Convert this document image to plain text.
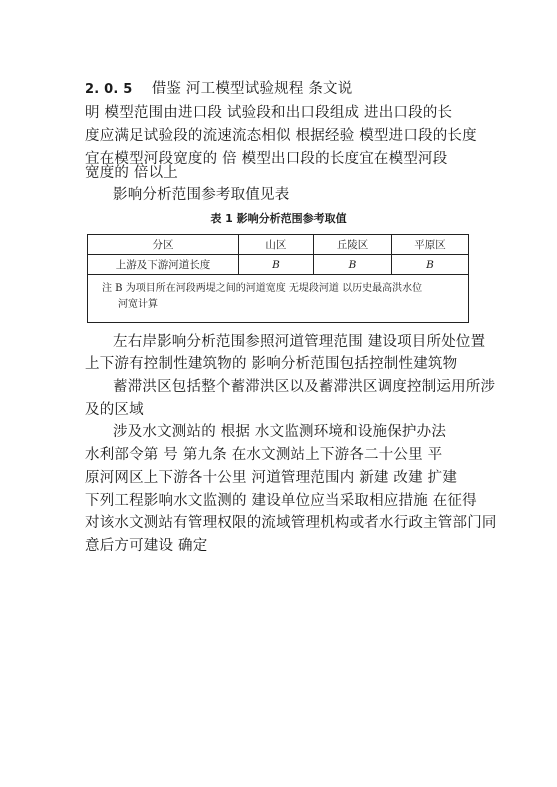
2. 0. 5 借鉴 河工模型试验规程 条文说
明 模型范围由进口段 试验段和出口段组成 进出口段的长
度应满足试验段的流速流态相似 根据经验 模型进口段的长度
宜在模型河段宽度的 倍 模型出口段的长度宜在模型河段
宽度的 倍以上
影响分析范围参考取值见表
表 1 影响分析范围参考取值
分区	山区	丘陵区	平原区
上游及下游河道长度	B	B	B

注 B 为项目所在河段两堤之间的河道宽度 无堤段河道 以历史最高洪水位
河宽计算			
左右岸影响分析范围参照河道管理范围 建设项目所处位置
上下游有控制性建筑物的 影响分析范围包括控制性建筑物
蓄滞洪区包括整个蓄滞洪区以及蓄滞洪区调度控制运用所涉
及的区域
涉及水文测站的 根据 水文监测环境和设施保护办法
水利部令第 号 第九条 在水文测站上下游各二十公里 平
原河网区上下游各十公里 河道管理范围内 新建 改建 扩建
下列工程影响水文监测的 建设单位应当采取相应措施 在征得
对该水文测站有管理权限的流域管理机构或者水行政主管部门同
意后方可建设 确定
